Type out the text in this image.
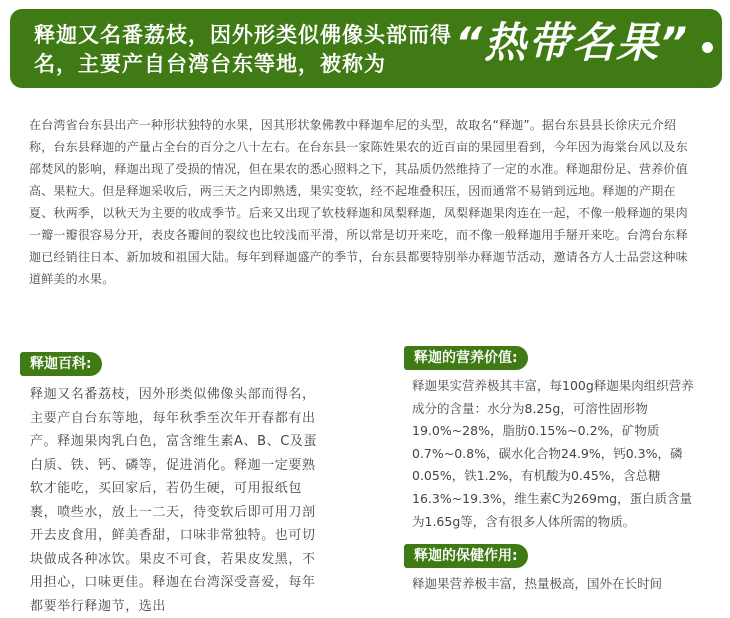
释迦又名番荔枝，因外形类似佛像头部而得名，主要产自台湾台东等地，被称为	“热带名果”
在台湾省台东县出产一种形状独特的水果，因其形状象佛教中释迦牟尼的头型，故取名“释迦”。据台东县县长徐庆元介绍称，台东县释迦的产量占全台的百分之八十左右。在台东县一家陈姓果农的近百亩的果园里看到，今年因为海棠台风以及东部焚风的影响，释迦出现了受损的情况，但在果农的悉心照料之下，其品质仍然维持了一定的水准。释迦甜份足、营养价值高、果粒大。但是释迦采收后，两三天之内即熟透，果实变软，经不起堆叠积压，因而通常不易销到远地。释迦的产期在夏、秋两季，以秋天为主要的收成季节。后来又出现了软枝释迦和凤梨释迦，凤梨释迦果肉连在一起，不像一般释迦的果肉一瓣一瓣很容易分开，表皮各瓣间的裂纹也比较浅而平滑，所以常是切开来吃，而不像一般释迦用手掰开来吃。台湾台东释迦已经销往日本、新加坡和祖国大陆。每年到释迦盛产的季节，台东县都要特别举办释迦节活动，邀请各方人士品尝这种味道鲜美的水果。
释迦百科:
释迦又名番荔枝，因外形类似佛像头部而得名，主要产自台东等地，每年秋季至次年开春都有出产。释迦果肉乳白色，富含维生素A、B、C及蛋白质、铁、钙、磷等，促进消化。释迦一定要熟软才能吃，买回家后，若仍生硬，可用报纸包裹，喷些水，放上一二天，待变软后即可用刀剖开去皮食用，鲜美香甜，口味非常独特。也可切块做成各种冰饮。果皮不可食，若果皮发黑，不用担心，口味更佳。释迦在台湾深受喜爱，每年都要举行释迦节，选出
释迦的营养价值:
释迦果实营养极其丰富，每100g释迦果肉组织营养成分的含量：水分为8.25g，可溶性固形物19.0%~28%，脂肪0.15%~0.2%，矿物质0.7%~0.8%，碳水化合物24.9%，钙0.3%，磷0.05%，铁1.2%，有机酸为0.45%，含总糖16.3%~19.3%，维生素C为269mg，蛋白质含量为1.65g等，含有很多人体所需的物质。
释迦的保健作用:
释迦果营养极丰富，热量极高，国外在长时间
